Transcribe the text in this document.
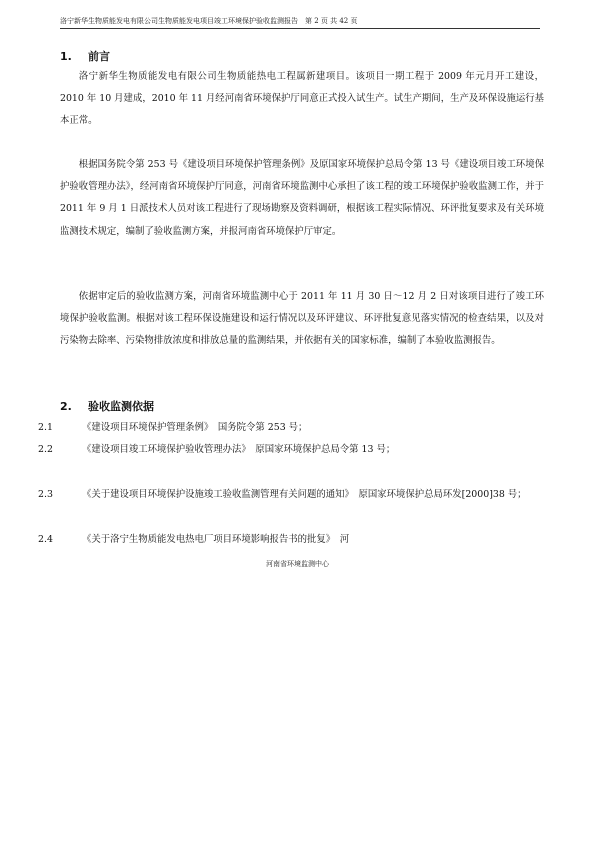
洛宁新华生物质能发电有限公司生物质能发电项目竣工环境保护验收监测报告　第 2 页 共 42 页
1. 前言

洛宁新华生物质能发电有限公司生物质能热电工程属新建项目。该项目一期工程于 2009 年元月开工建设，2010 年 10 月建成，2010 年 11 月经河南省环境保护厅同意正式投入试生产。试生产期间，生产及环保设施运行基本正常。

根据国务院令第 253 号《建设项目环境保护管理条例》及原国家环境保护总局令第 13 号《建设项目竣工环境保护验收管理办法》，经河南省环境保护厅同意，河南省环境监测中心承担了该工程的竣工环境保护验收监测工作，并于 2011 年 9 月 1 日派技术人员对该工程进行了现场勘察及资料调研，根据该工程实际情况、环评批复要求及有关环境监测技术规定，编制了验收监测方案，并报河南省环境保护厅审定。

依据审定后的验收监测方案，河南省环境监测中心于 2011 年 11 月 30 日～12 月 2 日对该项目进行了竣工环境保护验收监测。根据对该工程环保设施建设和运行情况以及环评建议、环评批复意见落实情况的检查结果，以及对污染物去除率、污染物排放浓度和排放总量的监测结果，并依据有关的国家标准，编制了本验收监测报告。

2. 验收监测依据

2.1	《建设项目环境保护管理条例》　国务院令第 253 号；

2.2	《建设项目竣工环境保护验收管理办法》　原国家环境保护总局令第 13 号；

2.3	《关于建设项目环境保护设施竣工验收监测管理有关问题的通知》　原国家环境保护总局环发[2000]38 号；

2.4	《关于洛宁生物质能发电热电厂项目环境影响报告书的批复》　河

河南省环境监测中心
